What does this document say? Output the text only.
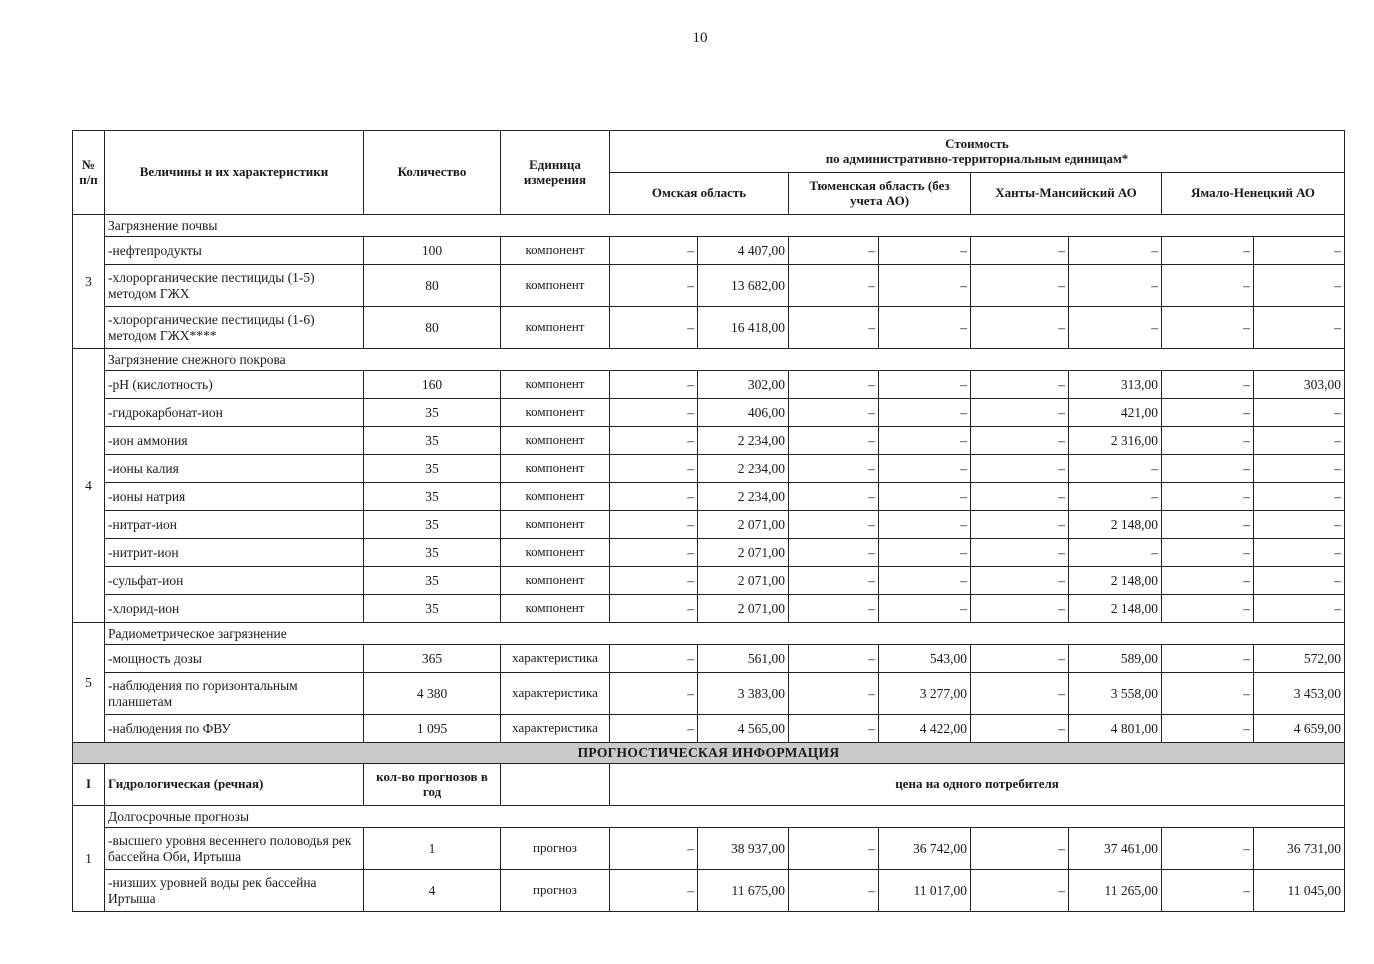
10
№ п/п	Величины и их характеристики	Количество	Единица измерения	Стоимость
по административно-территориальным единицам*							

				Омская область		Тюменская область (без учета АО)		Ханты-Мансийский АО		Ямало-Ненецкий АО	
3	Загрязнение почвы										
	-нефтепродукты	100	компонент	–	4 407,00	–	–	–	–	–	–
	-хлорорганические пестициды (1-5) методом ГЖХ	80	компонент	–	13 682,00	–	–	–	–	–	–
	-хлорорганические пестициды (1-6) методом ГЖХ****	80	компонент	–	16 418,00	–	–	–	–	–	–
4	Загрязнение снежного покрова										
	-pH (кислотность)	160	компонент	–	302,00	–	–	–	313,00	–	303,00
	-гидрокарбонат-ион	35	компонент	–	406,00	–	–	–	421,00	–	–
	-ион аммония	35	компонент	–	2 234,00	–	–	–	2 316,00	–	–
	-ионы калия	35	компонент	–	2 234,00	–	–	–	–	–	–
	-ионы натрия	35	компонент	–	2 234,00	–	–	–	–	–	–
	-нитрат-ион	35	компонент	–	2 071,00	–	–	–	2 148,00	–	–
	-нитрит-ион	35	компонент	–	2 071,00	–	–	–	–	–	–
	-сульфат-ион	35	компонент	–	2 071,00	–	–	–	2 148,00	–	–
	-хлорид-ион	35	компонент	–	2 071,00	–	–	–	2 148,00	–	–
5	Радиометрическое загрязнение										
	-мощность дозы	365	характеристика	–	561,00	–	543,00	–	589,00	–	572,00
	-наблюдения по горизонтальным планшетам	4 380	характеристика	–	3 383,00	–	3 277,00	–	3 558,00	–	3 453,00
	-наблюдения по ФВУ	1 095	характеристика	–	4 565,00	–	4 422,00	–	4 801,00	–	4 659,00
ПРОГНОСТИЧЕСКАЯ ИНФОРМАЦИЯ											
I	Гидрологическая (речная)	кол-во прогнозов в год		цена на одного потребителя							
1	Долгосрочные прогнозы										
	-высшего уровня весеннего половодья рек бассейна Оби, Иртыша	1	прогноз	–	38 937,00	–	36 742,00	–	37 461,00	–	36 731,00
	-низших уровней воды рек бассейна Иртыша	4	прогноз	–	11 675,00	–	11 017,00	–	11 265,00	–	11 045,00
